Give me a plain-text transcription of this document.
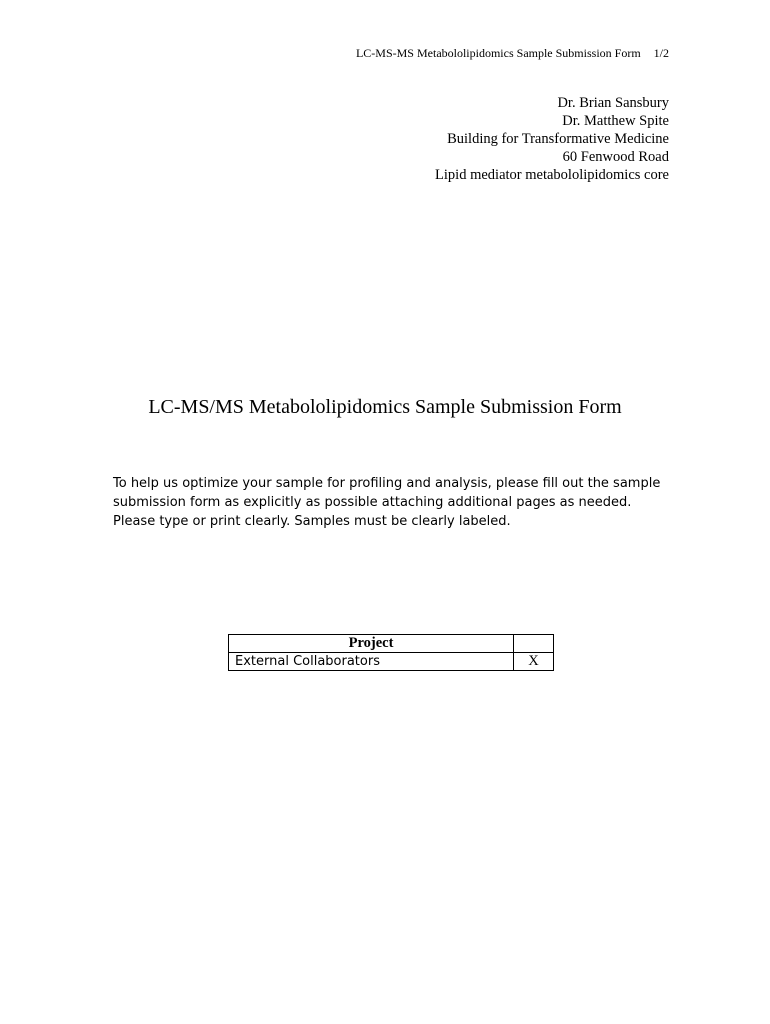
LC-MS-MS Metabololipidomics Sample Submission Form 1/2
Dr. Brian Sansbury
Dr. Matthew Spite
Building for Transformative Medicine
60 Fenwood Road
Lipid mediator metabololipidomics core
LC-MS/MS Metabololipidomics Sample Submission Form
To help us optimize your sample for profiling and analysis, please fill out the sample submission form as explicitly as possible attaching additional pages as needed. Please type or print clearly. Samples must be clearly labeled.
Project	
External Collaborators	X
